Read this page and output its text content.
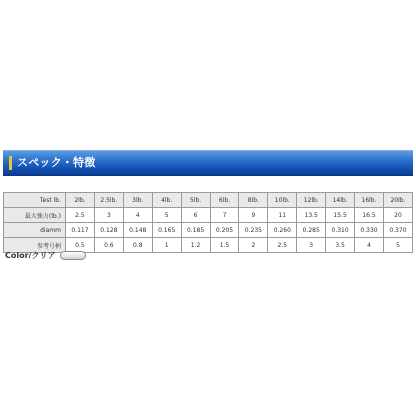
スペック・特徴
Test lb.	2lb.	2.5lb.	3lb.	4lb.	5lb.	6lb.	8lb.	10lb.	12lb.	14lb.	16lb.	20lb.
最大強力(lb.)	2.5	3	4	5	6	7	9	11	13.5	15.5	16.5	20
diamm	0.117	0.128	0.148	0.165	0.185	0.205	0.235	0.260	0.285	0.310	0.330	0.370
参考号柄	0.5	0.6	0.8	1	1.2	1.5	2	2.5	3	3.5	4	5
Color/クリア
